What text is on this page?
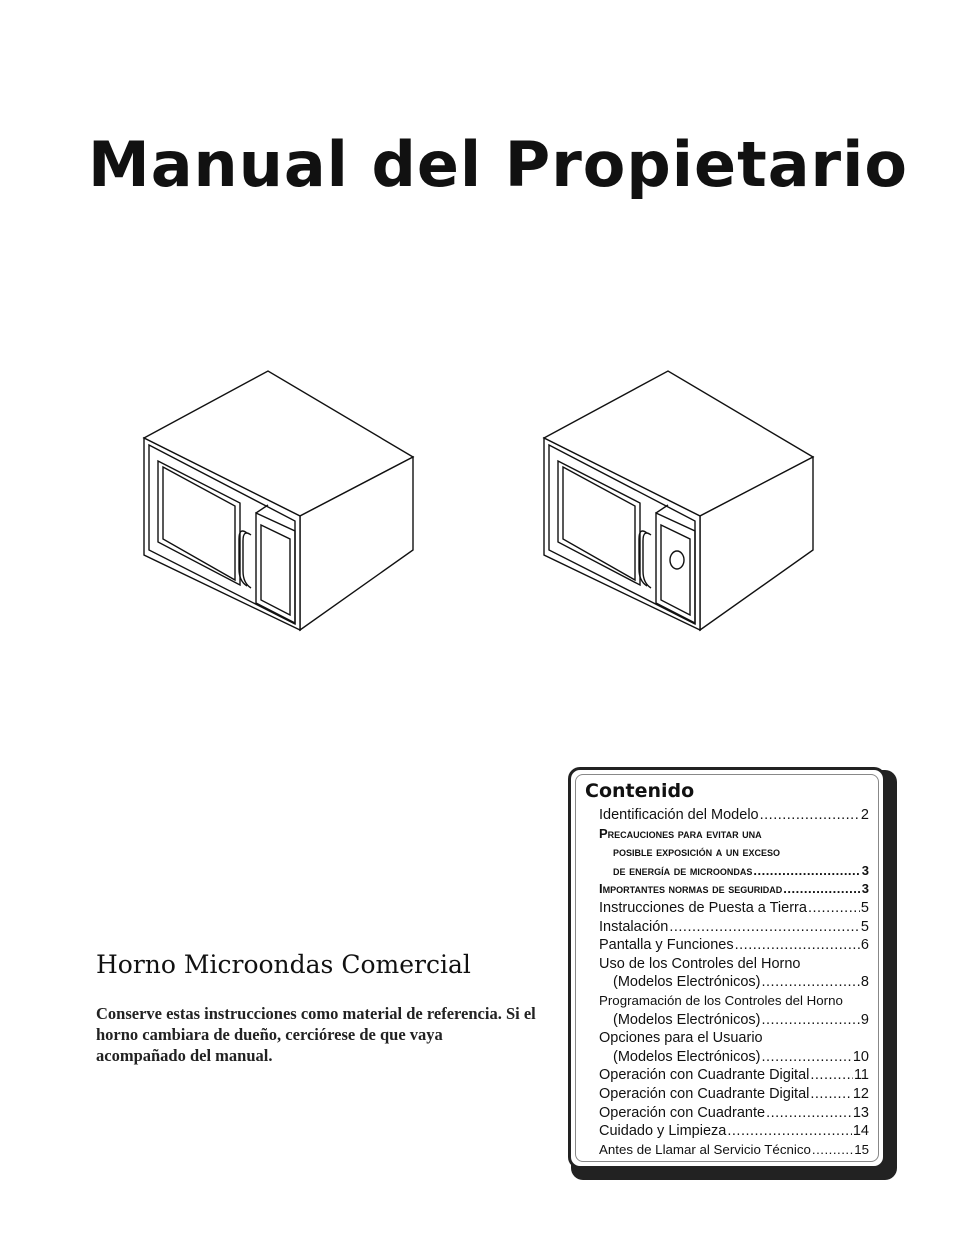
Manual del Propietario
Horno Microondas Comercial
Conserve estas instrucciones como material de referencia. Si el horno cambiara de dueño, cerciórese de que vaya acompañado del manual.
Contenido
Identificación del Modelo .....	2
Precauciones para evitar una
posible exposición a un exceso
de energía de microondas .....	3
Importantes normas de seguridad .....	3
Instrucciones de Puesta a Tierra .....	5
Instalación .....	5
Pantalla y Funciones .....	6
Uso de los Controles del Horno
(Modelos Electrónicos) .....	8
Programación de los Controles del Horno
(Modelos Electrónicos) .....	9
Opciones para el Usuario
(Modelos Electrónicos) .....	10
Operación con Cuadrante Digital .....	11
Operación con Cuadrante Digital .....	12
Operación con Cuadrante .....	13
Cuidado y Limpieza .....	14
Antes de Llamar al Servicio Técnico .....	15
